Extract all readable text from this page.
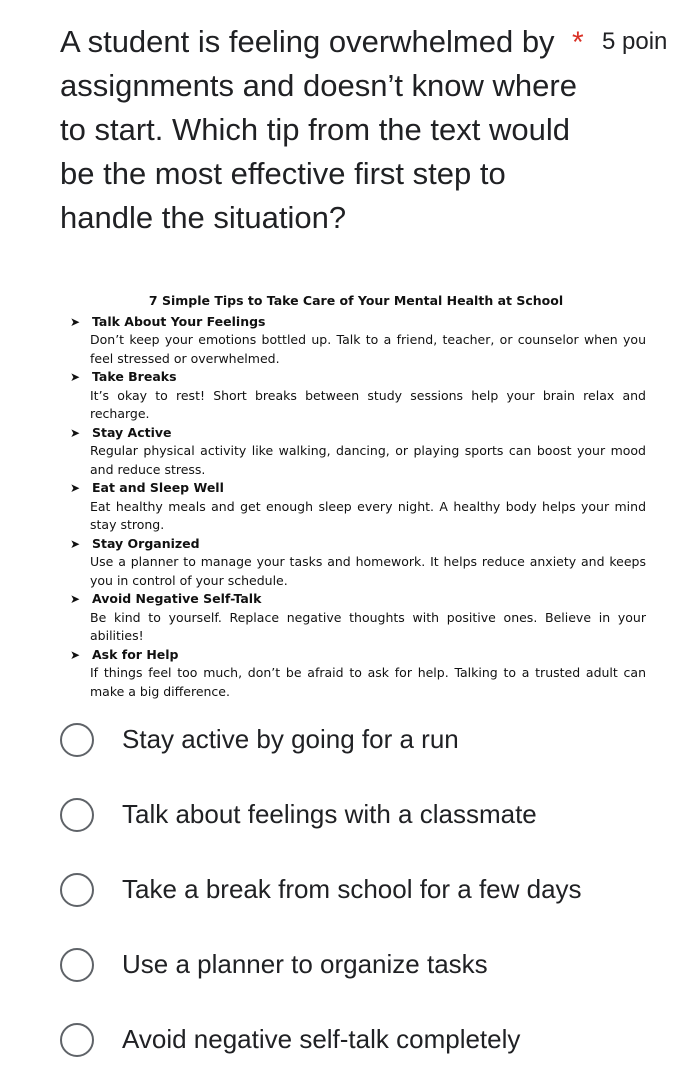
A student is feeling overwhelmed by assignments and doesn’t know where to start. Which tip from the text would be the most effective first step to handle the situation?
* 5 poin
7 Simple Tips to Take Care of Your Mental Health at School
➤ Talk About Your Feelings
Don’t keep your emotions bottled up. Talk to a friend, teacher, or counselor when you feel stressed or overwhelmed.
➤ Take Breaks
It’s okay to rest! Short breaks between study sessions help your brain relax and recharge.
➤ Stay Active
Regular physical activity like walking, dancing, or playing sports can boost your mood and reduce stress.
➤ Eat and Sleep Well
Eat healthy meals and get enough sleep every night. A healthy body helps your mind stay strong.
➤ Stay Organized
Use a planner to manage your tasks and homework. It helps reduce anxiety and keeps you in control of your schedule.
➤ Avoid Negative Self-Talk
Be kind to yourself. Replace negative thoughts with positive ones. Believe in your abilities!
➤ Ask for Help
If things feel too much, don’t be afraid to ask for help. Talking to a trusted adult can make a big difference.
Stay active by going for a run
Talk about feelings with a classmate
Take a break from school for a few days
Use a planner to organize tasks
Avoid negative self-talk completely
